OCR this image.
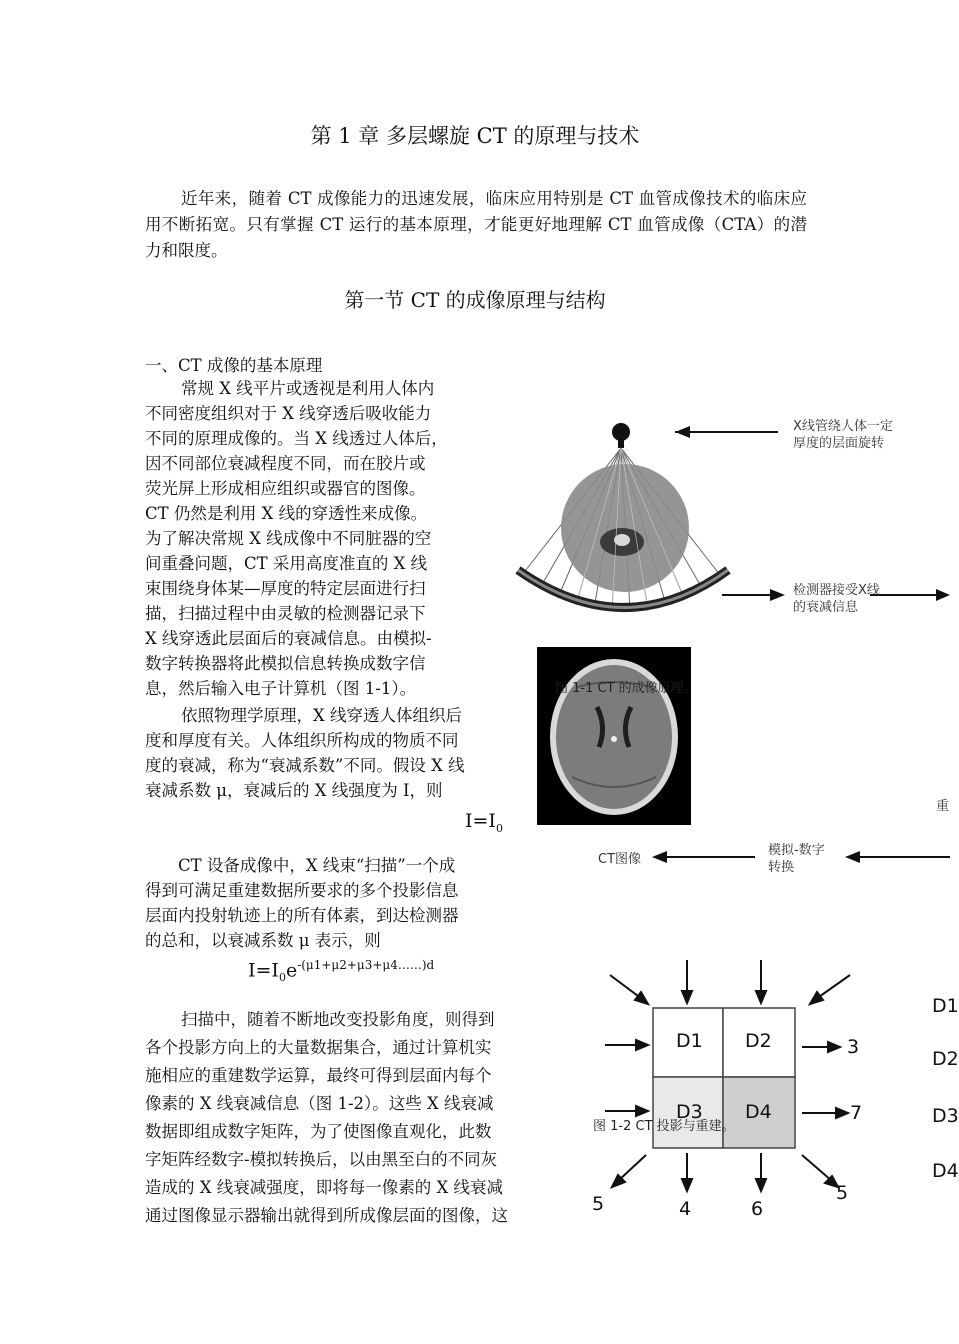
第 1 章 多层螺旋 CT 的原理与技术
近年来，随着 CT 成像能力的迅速发展，临床应用特别是 CT 血管成像技术的临床应用不断拓宽。只有掌握 CT 运行的基本原理，才能更好地理解 CT 血管成像（CTA）的潜力和限度。
第一节 CT 的成像原理与结构
一、CT 成像的基本原理
常规 X 线平片或透视是利用人体内
不同密度组织对于 X 线穿透后吸收能力
不同的原理成像的。当 X 线透过人体后，
因不同部位衰减程度不同，而在胶片或
荧光屏上形成相应组织或器官的图像。
CT 仍然是利用 X 线的穿透性来成像。
为了解决常规 X 线成像中不同脏器的空
间重叠问题，CT 采用高度准直的 X 线
束围绕身体某—厚度的特定层面进行扫
描，扫描过程中由灵敏的检测器记录下
X 线穿透此层面后的衰减信息。由模拟-
数字转换器将此模拟信息转换成数字信
息，然后输入电子计算机（图 1-1）。
依照物理学原理，X 线穿透人体组织后
度和厚度有关。人体组织所构成的物质不同
度的衰减，称为“衰减系数”不同。假设 X 线
衰减系数 μ，衰减后的 X 线强度为 I，则
$I=I_0$
CT 设备成像中，X 线束“扫描”一个成
得到可满足重建数据所要求的多个投影信息
层面内投射轨迹上的所有体素，到达检测器
的总和，以衰减系数 μ 表示，则
$I=I_0e^{-(\mu 1+\mu 2+\mu 3+\mu 4\dots\dots)d}$
扫描中，随着不断地改变投影角度，则得到
各个投影方向上的大量数据集合，通过计算机实
施相应的重建数学运算，最终可得到层面内每个
像素的 X 线衰减信息（图 1-2）。这些 X 线衰减
数据即组成数字矩阵，为了使图像直观化，此数
字矩阵经数字-模拟转换后，以由黑至白的不同灰
造成的 X 线衰减强度，即将每一像素的 X 线衰减
通过图像显示器输出就得到所成像层面的图像，这
X线管绕人体一定
厚度的层面旋转
检测器接受X线
的衰减信息
模拟-数字
转换
CT图像
重
图 1-1 CT 的成像原理。
D1 D2
D3 D4
3
7
5	4	6
5
D1
D2
D3
D4
图 1-2 CT 投影与重建。
